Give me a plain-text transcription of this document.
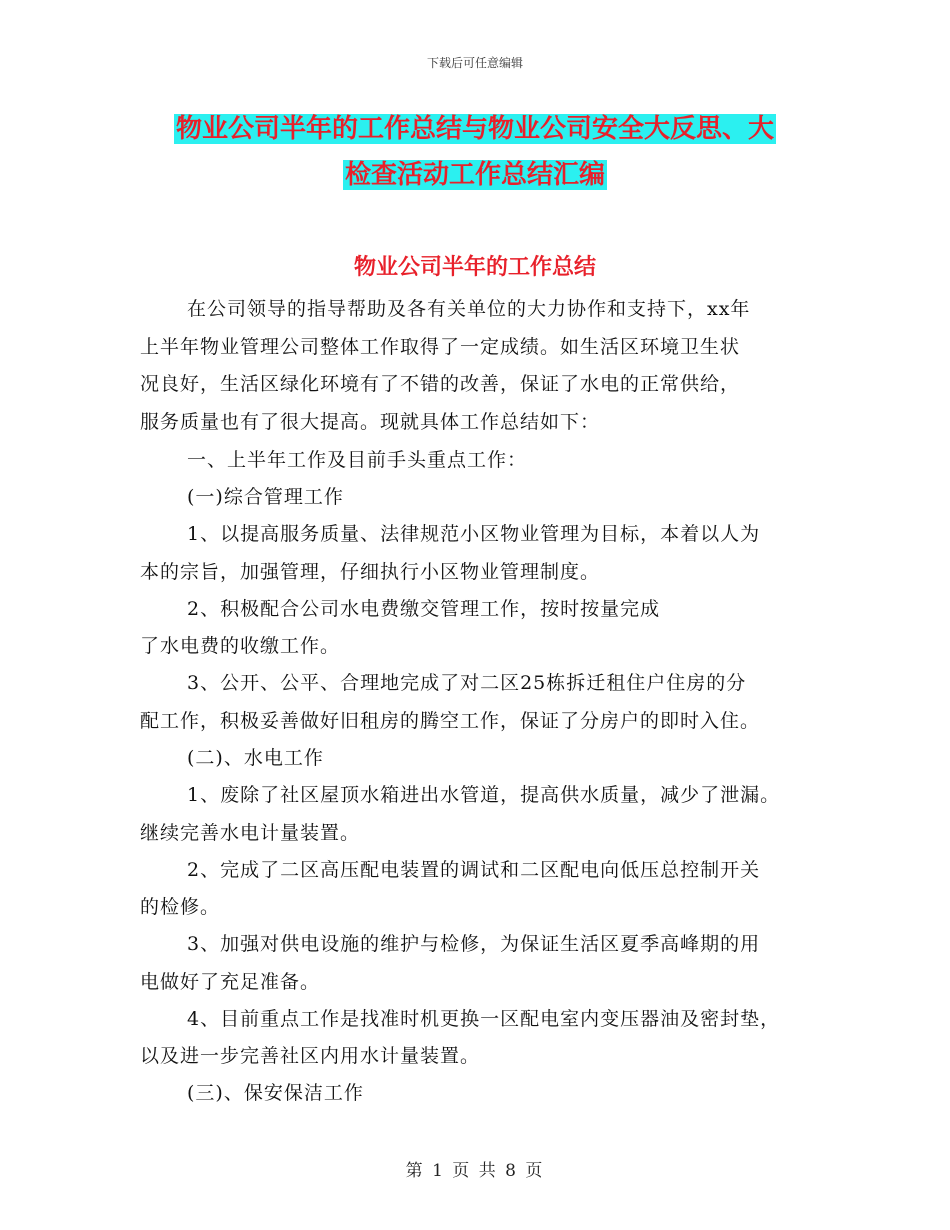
下载后可任意编辑
物业公司半年的工作总结与物业公司安全大反思、大
检查活动工作总结汇编
物业公司半年的工作总结
在公司领导的指导帮助及各有关单位的大力协作和支持下，xx年
上半年物业管理公司整体工作取得了一定成绩。如生活区环境卫生状
况良好，生活区绿化环境有了不错的改善，保证了水电的正常供给，
服务质量也有了很大提高。现就具体工作总结如下：
一、上半年工作及目前手头重点工作：
(一)综合管理工作
1、以提高服务质量、法律规范小区物业管理为目标，本着以人为
本的宗旨，加强管理，仔细执行小区物业管理制度。
2、积极配合公司水电费缴交管理工作，按时按量完成
了水电费的收缴工作。
3、公开、公平、合理地完成了对二区25栋拆迁租住户住房的分
配工作，积极妥善做好旧租房的腾空工作，保证了分房户的即时入住。
(二)、水电工作
1、废除了社区屋顶水箱进出水管道，提高供水质量，减少了泄漏。
继续完善水电计量装置。
2、完成了二区高压配电装置的调试和二区配电向低压总控制开关
的检修。
3、加强对供电设施的维护与检修，为保证生活区夏季高峰期的用
电做好了充足准备。
4、目前重点工作是找准时机更换一区配电室内变压器油及密封垫，
以及进一步完善社区内用水计量装置。
(三)、保安保洁工作
第 1 页 共 8 页
